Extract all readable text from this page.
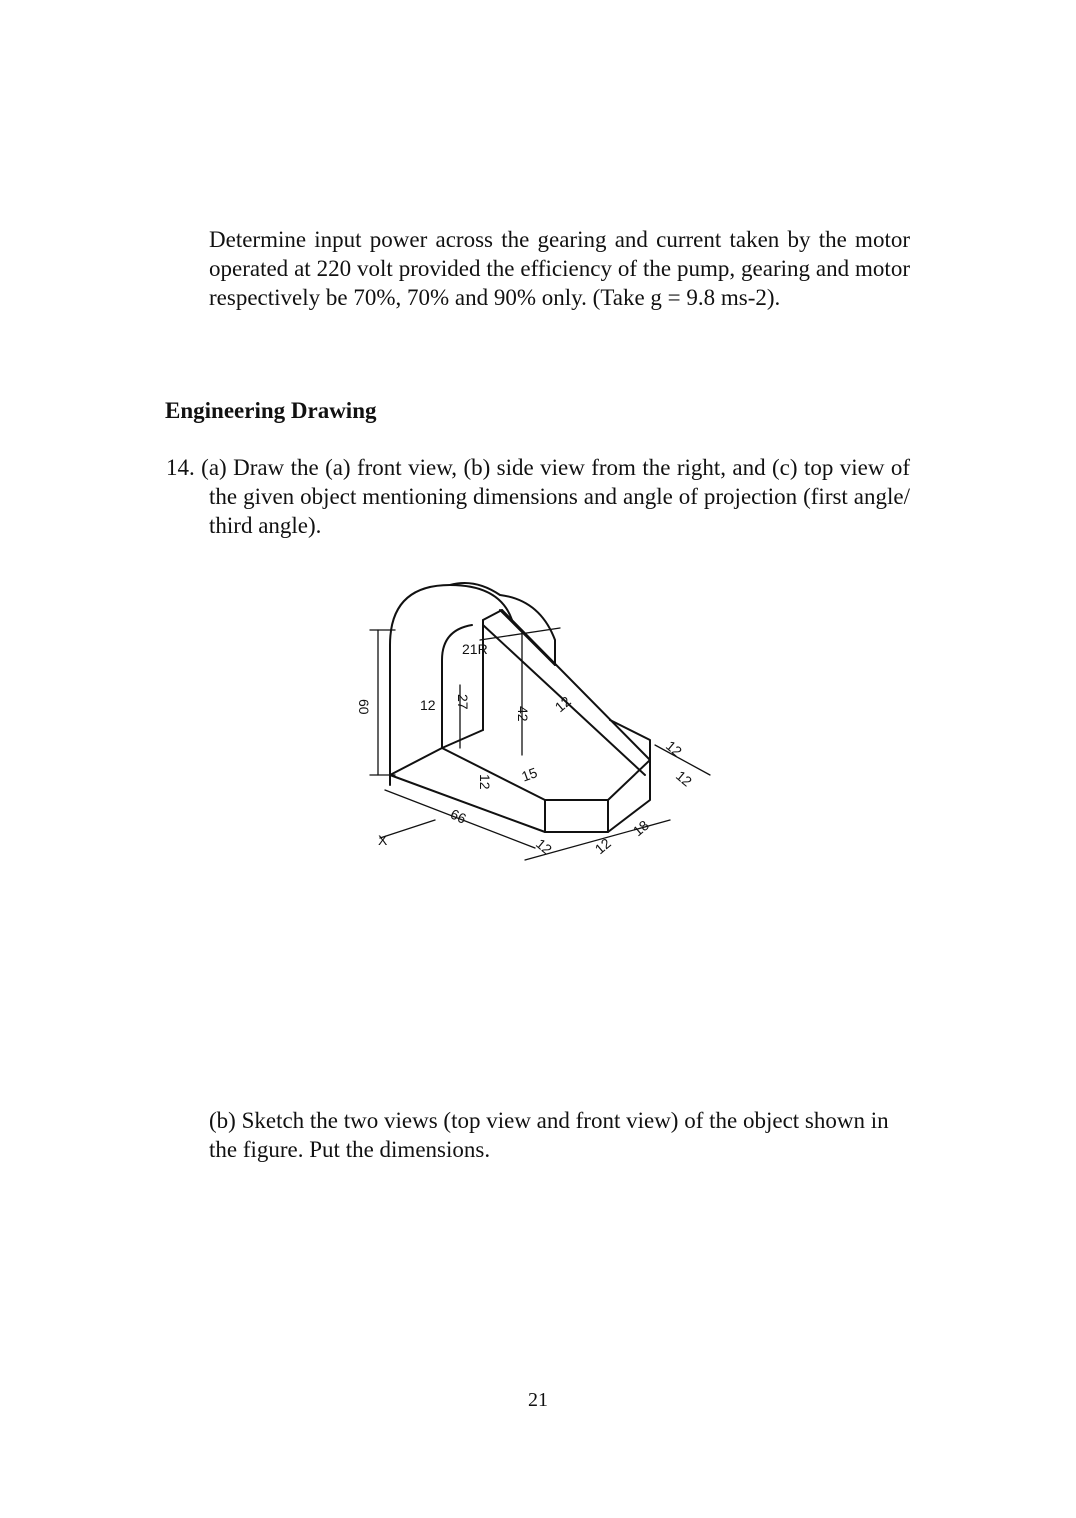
Determine input power across the gearing and current taken by the motor operated at 220 volt provided the efficiency of the pump, gearing and motor respectively be 70%, 70% and 90% only. (Take g = 9.8 ms-2).
Engineering Drawing
14. (a) Draw the (a) front view, (b) side view from the right, and (c) top view of the given object mentioning dimensions and angle of projection (first angle/ third angle).
60	12 27
21R
42 12
12 15
66
12	12
18
12
12
X
(b) Sketch the two views (top view and front view) of the object shown in the figure. Put the dimensions.
21
